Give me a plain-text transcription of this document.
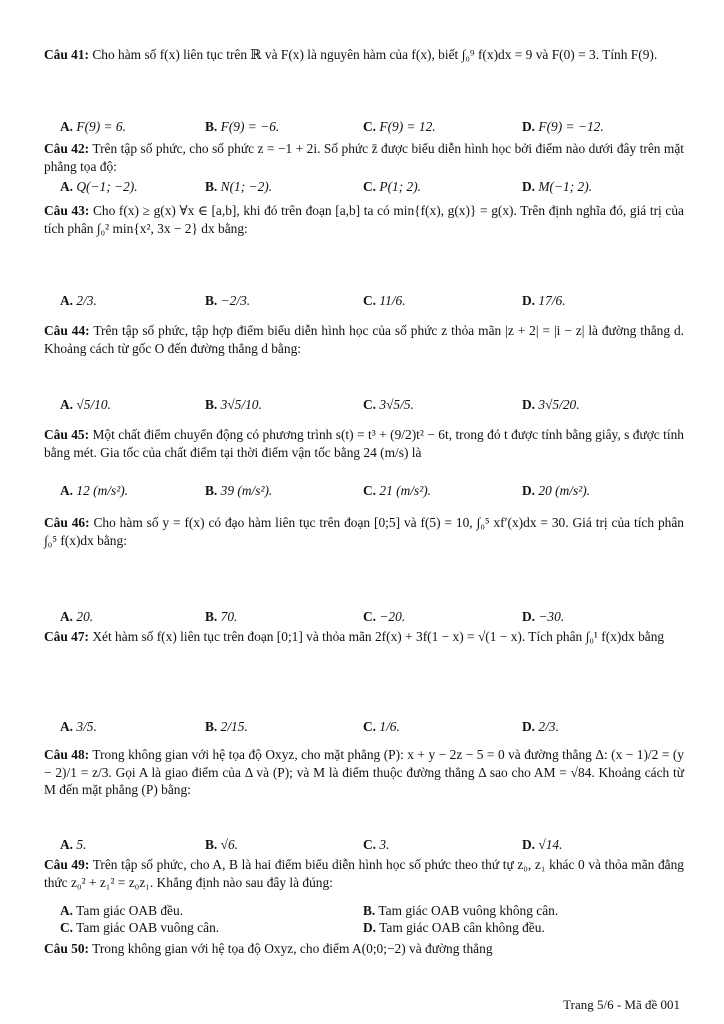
Câu 41: Cho hàm số f(x) liên tục trên ℝ và F(x) là nguyên hàm của f(x), biết ∫₀⁹ f(x)dx = 9 và F(0) = 3. Tính F(9).

A. F(9) = 6.	B. F(9) = −6.	C. F(9) = 12.	D. F(9) = −12.

Câu 42: Trên tập số phức, cho số phức z = −1 + 2i. Số phức z̄ được biểu diễn hình học bởi điểm nào dưới đây trên mặt phẳng tọa độ:

A. Q(−1; −2).	B. N(1; −2).	C. P(1; 2).	D. M(−1; 2).

Câu 43: Cho f(x) ≥ g(x) ∀x ∈ [a,b], khi đó trên đoạn [a,b] ta có min{f(x), g(x)} = g(x). Trên định nghĩa đó, giá trị của tích phân ∫₀² min{x², 3x − 2} dx bằng:

A. 2/3.	B. −2/3.	C. 11/6.	D. 17/6.

Câu 44: Trên tập số phức, tập hợp điểm biểu diễn hình học của số phức z thỏa mãn |z + 2| = |i − z| là đường thẳng d. Khoảng cách từ gốc O đến đường thẳng d bằng:

A. √5/10.	B. 3√5/10.	C. 3√5/5.	D. 3√5/20.

Câu 45: Một chất điểm chuyển động có phương trình s(t) = t³ + (9/2)t² − 6t, trong đó t được tính bằng giây, s được tính bằng mét. Gia tốc của chất điểm tại thời điểm vận tốc bằng 24 (m/s) là

A. 12 (m/s²).	B. 39 (m/s²).	C. 21 (m/s²).	D. 20 (m/s²).

Câu 46: Cho hàm số y = f(x) có đạo hàm liên tục trên đoạn [0;5] và f(5) = 10, ∫₀⁵ xf′(x)dx = 30. Giá trị của tích phân ∫₀⁵ f(x)dx bằng:

A. 20.	B. 70.	C. −20.	D. −30.

Câu 47: Xét hàm số f(x) liên tục trên đoạn [0;1] và thỏa mãn 2f(x) + 3f(1 − x) = √(1 − x). Tích phân ∫₀¹ f(x)dx bằng

A. 3/5.	B. 2/15.	C. 1/6.	D. 2/3.

Câu 48: Trong không gian với hệ tọa độ Oxyz, cho mặt phẳng (P): x + y − 2z − 5 = 0 và đường thẳng Δ: (x − 1)/2 = (y − 2)/1 = z/3. Gọi A là giao điểm của Δ và (P); và M là điểm thuộc đường thẳng Δ sao cho AM = √84. Khoảng cách từ M đến mặt phẳng (P) bằng:

A. 5.	B. √6.	C. 3.	D. √14.

Câu 49: Trên tập số phức, cho A, B là hai điểm biểu diễn hình học số phức theo thứ tự z₀, z₁ khác 0 và thỏa mãn đẳng thức z₀² + z₁² = z₀z₁. Khẳng định nào sau đây là đúng:

A. Tam giác OAB đều.	B. Tam giác OAB vuông không cân.
C. Tam giác OAB vuông cân.	D. Tam giác OAB cân không đều.

Câu 50: Trong không gian với hệ tọa độ Oxyz, cho điểm A(0;0;−2) và đường thẳng

Trang 5/6 - Mã đề 001
